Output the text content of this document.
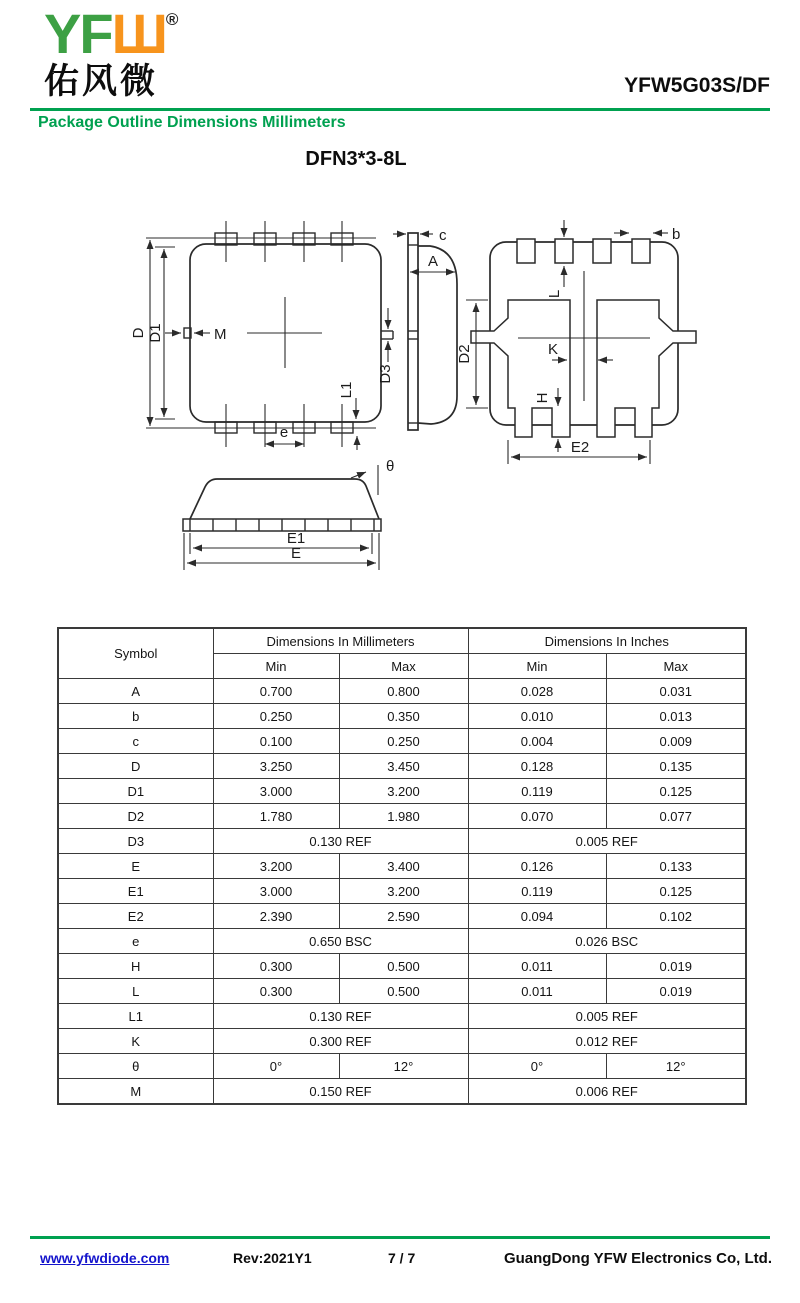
YFШ®
佑风微	YFW5G03S/DF
Package Outline Dimensions Millimeters
DFN3*3-8L
D D1	M
D3
L1
e
c
A
L
b
D2	K
H
E2
E1
E
θ
Symbol	Dimensions In Millimeters		Dimensions In Inches	
	Min	Max	Min	Max
A	0.700	0.800	0.028	0.031
b	0.250	0.350	0.010	0.013
c	0.100	0.250	0.004	0.009
D	3.250	3.450	0.128	0.135
D1	3.000	3.200	0.119	0.125
D2	1.780	1.980	0.070	0.077
D3	0.130 REF		0.005 REF	
E	3.200	3.400	0.126	0.133
E1	3.000	3.200	0.119	0.125
E2	2.390	2.590	0.094	0.102
e	0.650 BSC		0.026 BSC	
H	0.300	0.500	0.011	0.019
L	0.300	0.500	0.011	0.019
L1	0.130 REF		0.005 REF	
K	0.300 REF		0.012 REF	
θ	0°	12°	0°	12°
M	0.150 REF		0.006 REF	
www.yfwdiode.com	Rev:2021Y1	7 / 7	GuangDong YFW Electronics Co, Ltd.
